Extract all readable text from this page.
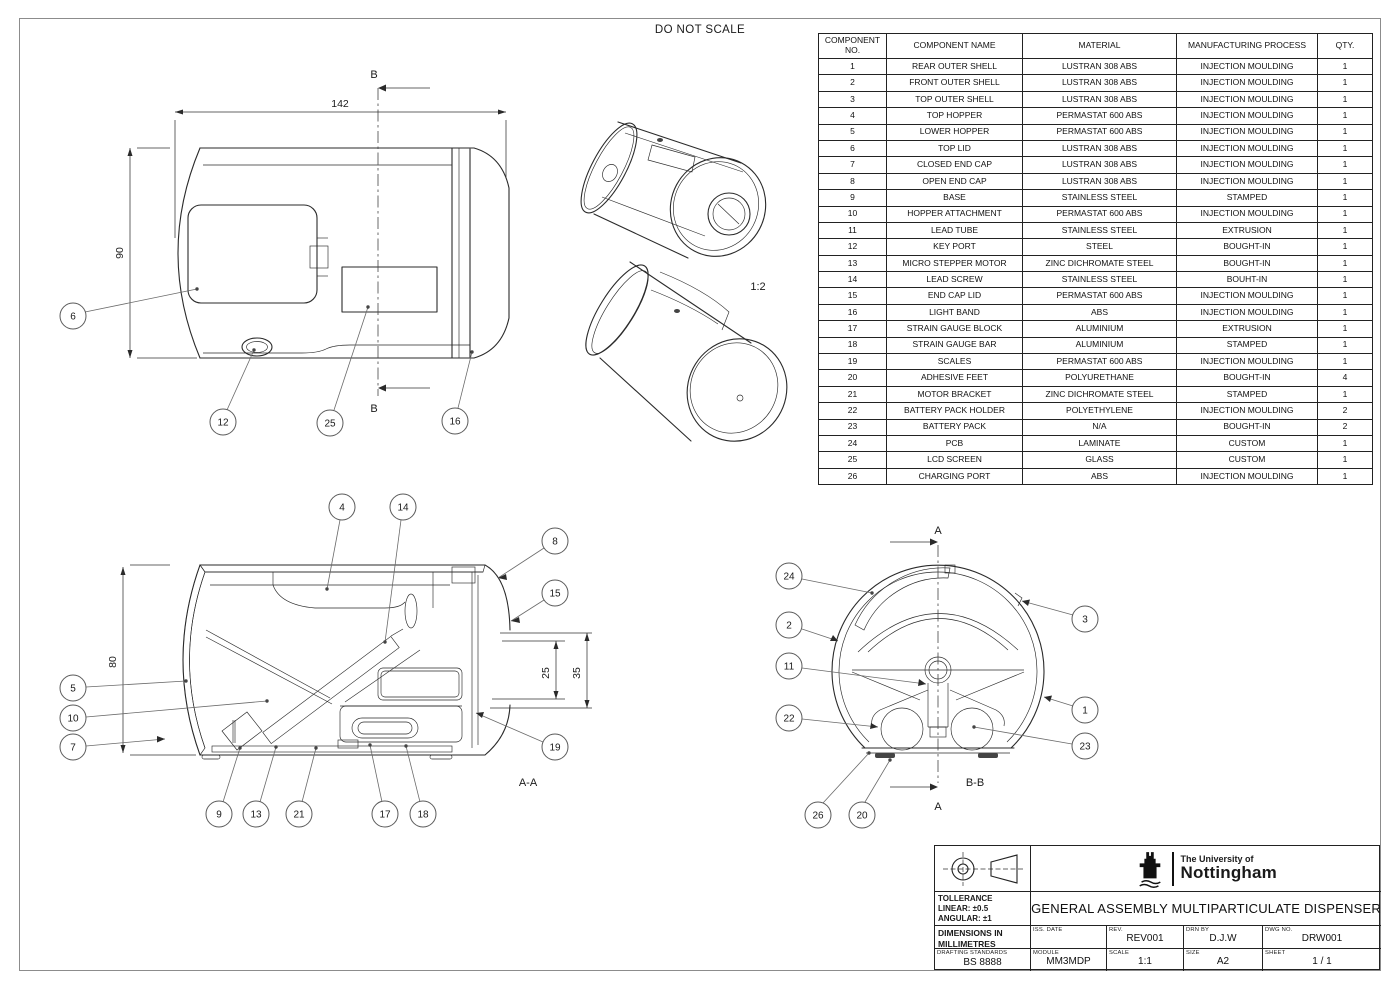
DO NOT SCALE
B
B
142
90
6
12	25	16
1:2
80
25 35
A-A
4	14
8
15
19
5
10
7
9	13	21	17	18
A
A
B-B
24
2
11
22
26	20
3
1
23
COMPONENT NO.	COMPONENT NAME	MATERIAL	MANUFACTURING PROCESS	QTY.
1	REAR OUTER SHELL	LUSTRAN 308 ABS	INJECTION MOULDING	1
2	FRONT OUTER SHELL	LUSTRAN 308 ABS	INJECTION MOULDING	1
3	TOP OUTER SHELL	LUSTRAN 308 ABS	INJECTION MOULDING	1
4	TOP HOPPER	PERMASTAT 600 ABS	INJECTION MOULDING	1
5	LOWER HOPPER	PERMASTAT 600 ABS	INJECTION MOULDING	1
6	TOP LID	LUSTRAN 308 ABS	INJECTION MOULDING	1
7	CLOSED END CAP	LUSTRAN 308 ABS	INJECTION MOULDING	1
8	OPEN END CAP	LUSTRAN 308 ABS	INJECTION MOULDING	1
9	BASE	STAINLESS STEEL	STAMPED	1
10	HOPPER ATTACHMENT	PERMASTAT 600 ABS	INJECTION MOULDING	1
11	LEAD TUBE	STAINLESS STEEL	EXTRUSION	1
12	KEY PORT	STEEL	BOUGHT-IN	1
13	MICRO STEPPER MOTOR	ZINC DICHROMATE STEEL	BOUGHT-IN	1
14	LEAD SCREW	STAINLESS STEEL	BOUHT-IN	1
15	END CAP LID	PERMASTAT 600 ABS	INJECTION MOULDING	1
16	LIGHT BAND	ABS	INJECTION MOULDING	1
17	STRAIN GAUGE BLOCK	ALUMINIUM	EXTRUSION	1
18	STRAIN GAUGE BAR	ALUMINIUM	STAMPED	1
19	SCALES	PERMASTAT 600 ABS	INJECTION MOULDING	1
20	ADHESIVE FEET	POLYURETHANE	BOUGHT-IN	4
21	MOTOR BRACKET	ZINC DICHROMATE STEEL	STAMPED	1
22	BATTERY PACK HOLDER	POLYETHYLENE	INJECTION MOULDING	2
23	BATTERY PACK	N/A	BOUGHT-IN	2
24	PCB	LAMINATE	CUSTOM	1
25	LCD SCREEN	GLASS	CUSTOM	1
26	CHARGING PORT	ABS	INJECTION MOULDING	1
The University of
Nottingham
TOLLERANCE
LINEAR: ±0.5
ANGULAR: ±1
GENERAL ASSEMBLY MULTIPARTICULATE DISPENSER
DIMENSIONS IN
MILLIMETRES
ISS. DATE	REV.
REV001
DRN BY
D.J.W
DWG NO.
DRW001
DRAFTING STANDARDS
BS 8888
MODULE
MM3MDP
SCALE
1:1
SIZE
A2
SHEET
1 / 1
